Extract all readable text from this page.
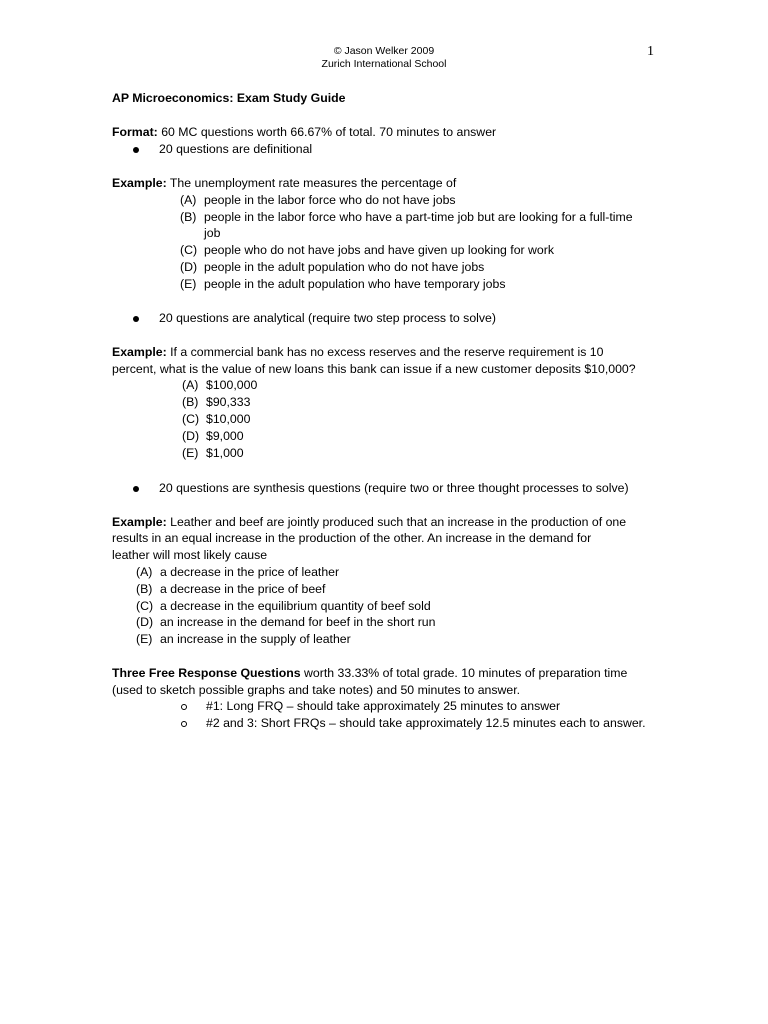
© Jason Welker 2009
Zurich International School
1
AP Microeconomics: Exam Study Guide
Format: 60 MC questions worth 66.67% of total. 70 minutes to answer
20 questions are definitional
Example: The unemployment rate measures the percentage of
(A) people in the labor force who do not have jobs
(B) people in the labor force who have a part-time job but are looking for a full-time
job
(C) people who do not have jobs and have given up looking for work
(D) people in the adult population who do not have jobs
(E) people in the adult population who have temporary jobs
20 questions are analytical (require two step process to solve)
Example: If a commercial bank has no excess reserves and the reserve requirement is 10
percent, what is the value of new loans this bank can issue if a new customer deposits $10,000?
(A) $100,000
(B) $90,333
(C) $10,000
(D) $9,000
(E) $1,000
20 questions are synthesis questions (require two or three thought processes to solve)
Example: Leather and beef are jointly produced such that an increase in the production of one
results in an equal increase in the production of the other. An increase in the demand for
leather will most likely cause
(A) a decrease in the price of leather
(B) a decrease in the price of beef
(C) a decrease in the equilibrium quantity of beef sold
(D) an increase in the demand for beef in the short run
(E) an increase in the supply of leather
Three Free Response Questions worth 33.33% of total grade. 10 minutes of preparation time
(used to sketch possible graphs and take notes) and 50 minutes to answer.
#1: Long FRQ – should take approximately 25 minutes to answer
#2 and 3: Short FRQs – should take approximately 12.5 minutes each to answer.
